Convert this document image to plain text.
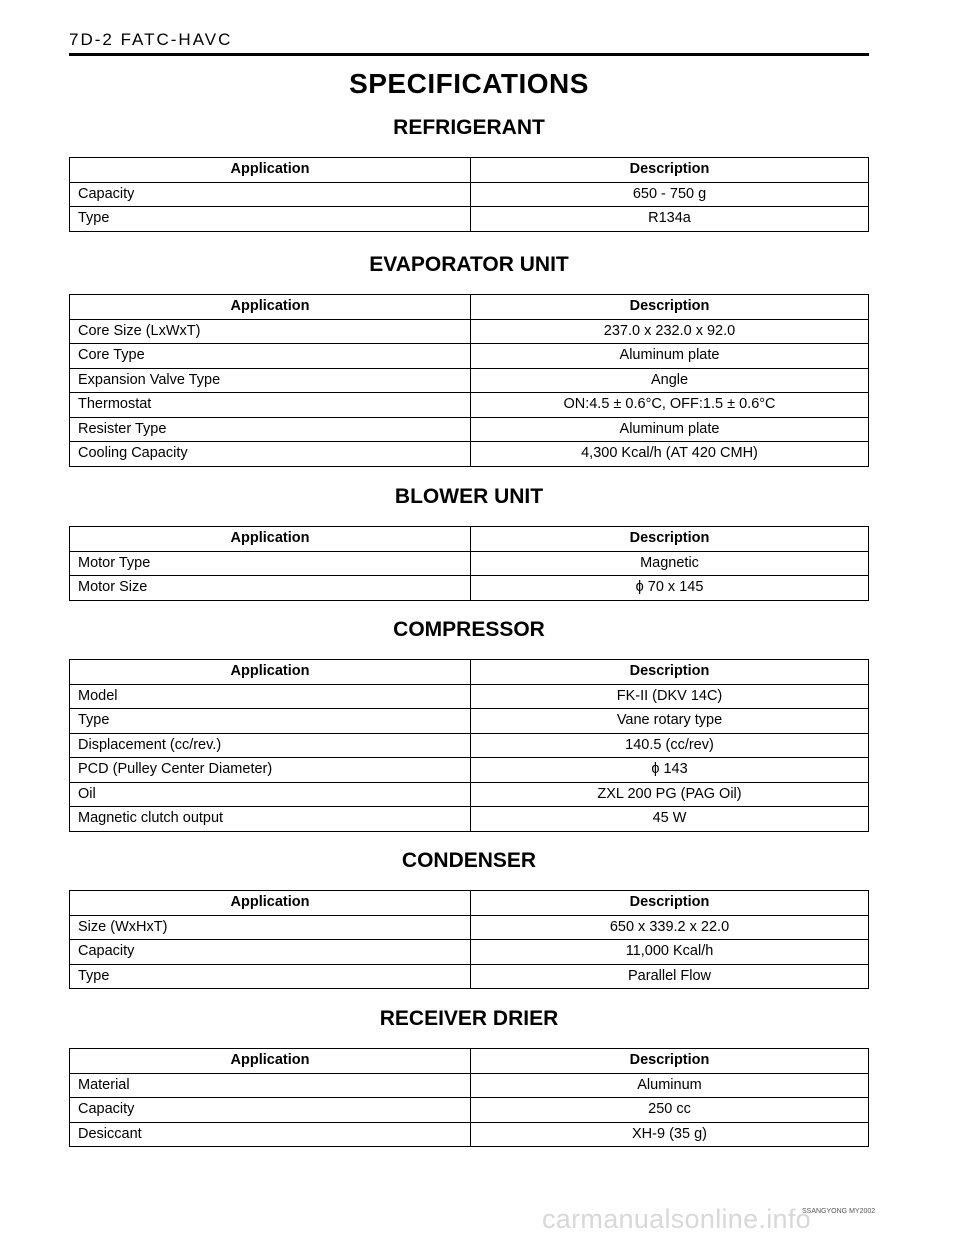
7D-2 FATC-HAVC
SPECIFICATIONS
REFRIGERANT
Application	Description
Capacity	650 - 750 g
Type	R134a
EVAPORATOR UNIT
Application	Description
Core Size (LxWxT)	237.0 x 232.0 x 92.0
Core Type	Aluminum plate
Expansion Valve Type	Angle
Thermostat	ON:4.5 ± 0.6°C, OFF:1.5 ± 0.6°C
Resister Type	Aluminum plate
Cooling Capacity	4,300 Kcal/h (AT 420 CMH)
BLOWER UNIT
Application	Description
Motor Type	Magnetic
Motor Size	ϕ 70 x 145
COMPRESSOR
Application	Description
Model	FK-II (DKV 14C)
Type	Vane rotary type
Displacement (cc/rev.)	140.5 (cc/rev)
PCD (Pulley Center Diameter)	ϕ 143
Oil	ZXL 200 PG (PAG Oil)
Magnetic clutch output	45 W
CONDENSER
Application	Description
Size (WxHxT)	650 x 339.2 x 22.0
Capacity	11,000 Kcal/h
Type	Parallel Flow
RECEIVER DRIER
Application	Description
Material	Aluminum
Capacity	250 cc
Desiccant	XH-9 (35 g)
SSANGYONG MY2002
carmanualsonline.info
